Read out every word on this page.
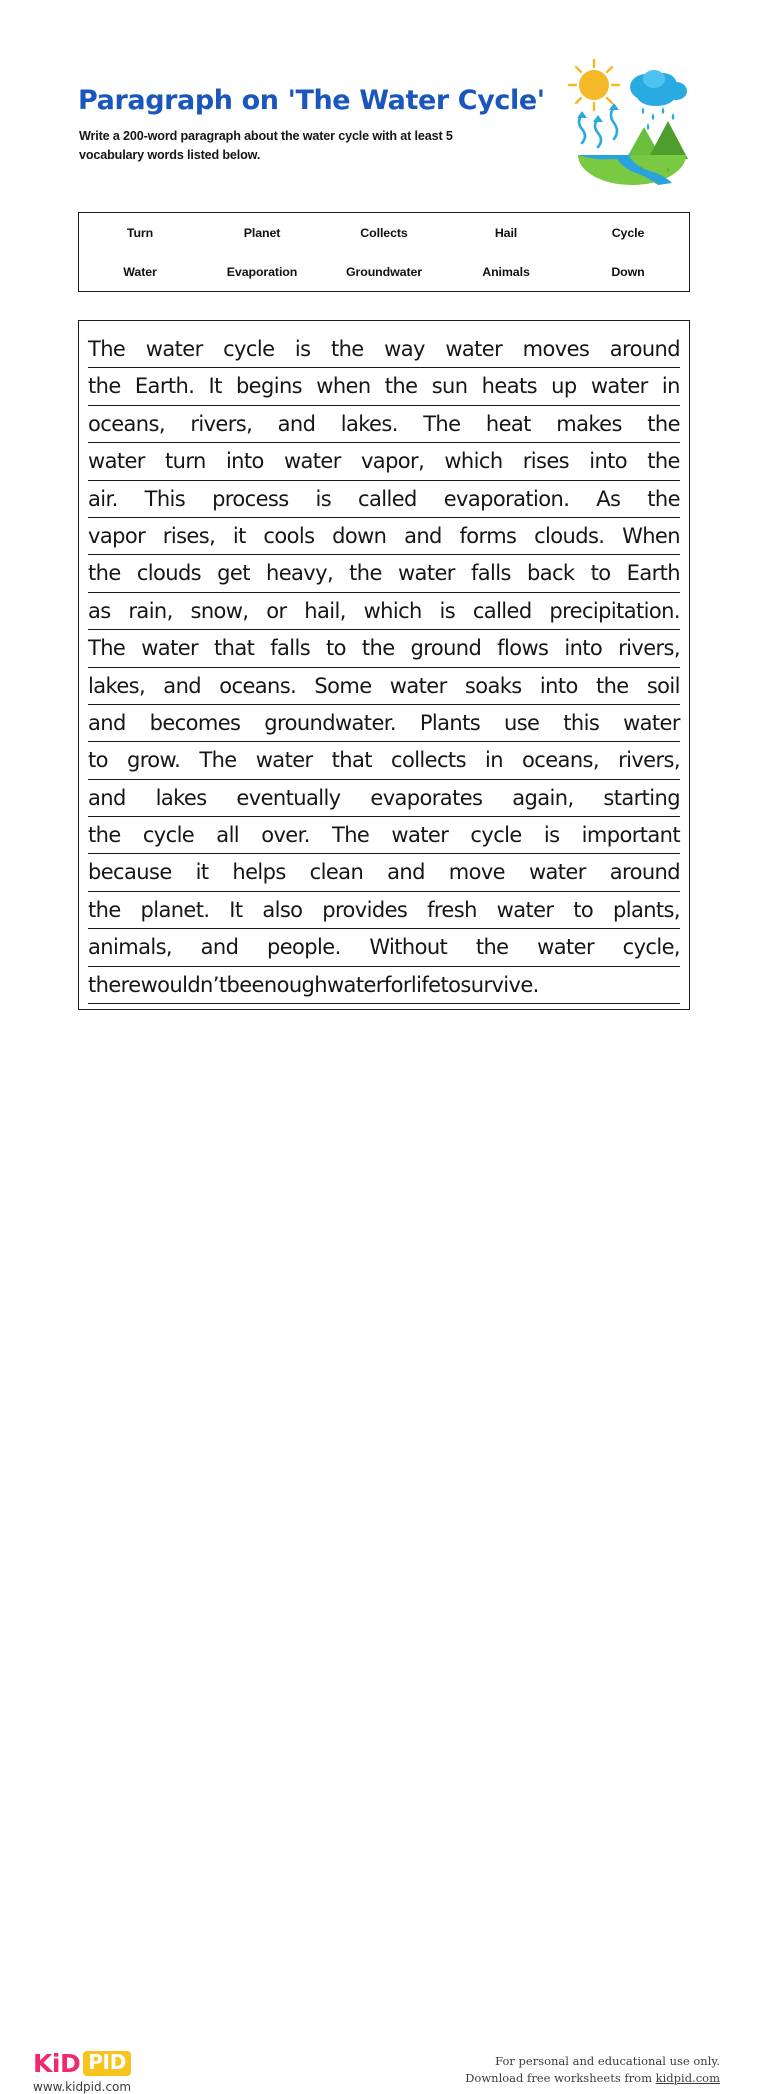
Paragraph on 'The Water Cycle'
Write a 200-word paragraph about the water cycle with at least 5 vocabulary words listed below.
Turn	Planet	Collects	Hail	Cycle
Water	Evaporation	Groundwater	Animals	Down
The water cycle is the way water moves around
the Earth. It begins when the sun heats up water in
oceans, rivers, and lakes. The heat makes the
water turn into water vapor, which rises into the
air. This process is called evaporation. As the
vapor rises, it cools down and forms clouds. When
the clouds get heavy, the water falls back to Earth
as rain, snow, or hail, which is called precipitation.
The water that falls to the ground flows into rivers,
lakes, and oceans. Some water soaks into the soil
and becomes groundwater. Plants use this water
to grow. The water that collects in oceans, rivers,
and lakes eventually evaporates again, starting
the cycle all over. The water cycle is important
because it helps clean and move water around
the planet. It also provides fresh water to plants,
animals, and people. Without the water cycle,
there wouldn’t be enough water for life to survive.
KiD PID
www.kidpid.com
For personal and educational use only.
Download free worksheets from kidpid.com
